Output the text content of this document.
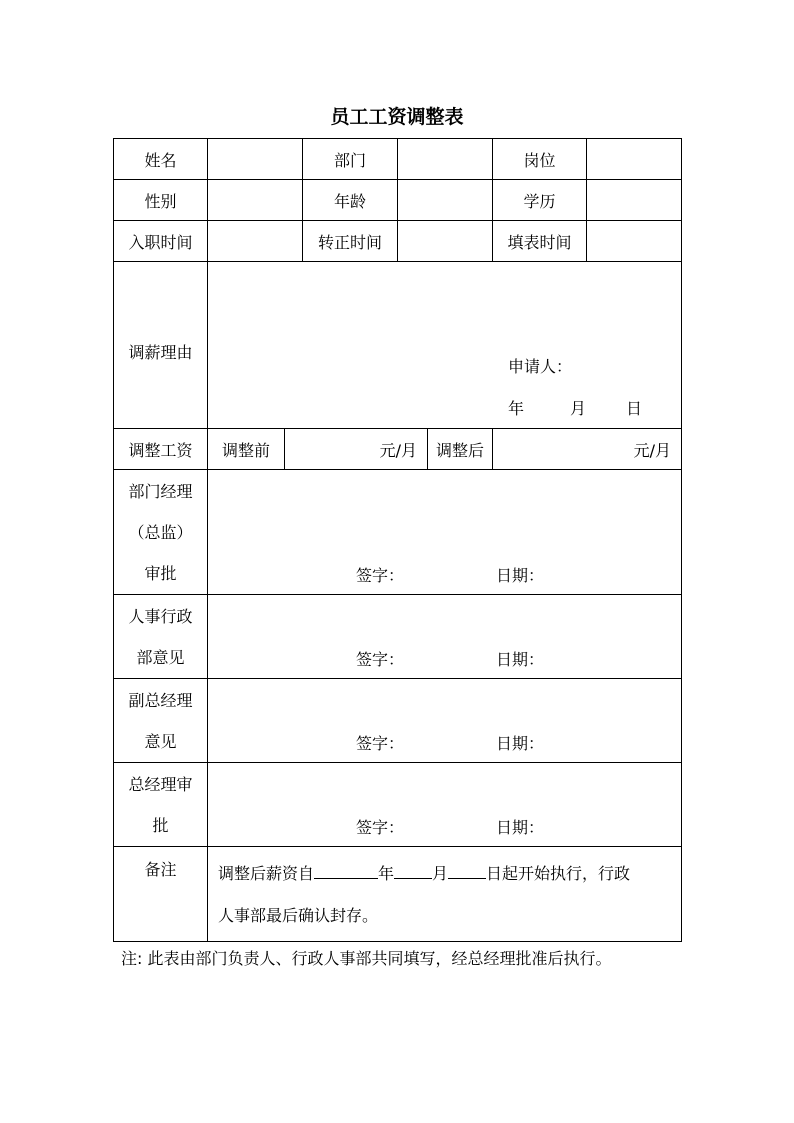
员工工资调整表
姓名			部门			岗位	
性别			年龄			学历	
入职时间			转正时间			填表时间	
调薪理由	申请人：
年 月 日						

调整工资	调整前	元/月			调整后	元/月	

部门经理
（总监）
审批	签字： 日期：						

人事行政
部意见	签字： 日期：						

副总经理
意见	签字： 日期：						

总经理审
批	签字： 日期：						

备注	调整后薪资自 年 月 日起开始执行，行政
人事部最后确认封存。						
注: 此表由部门负责人、行政人事部共同填写，经总经理批准后执行。
